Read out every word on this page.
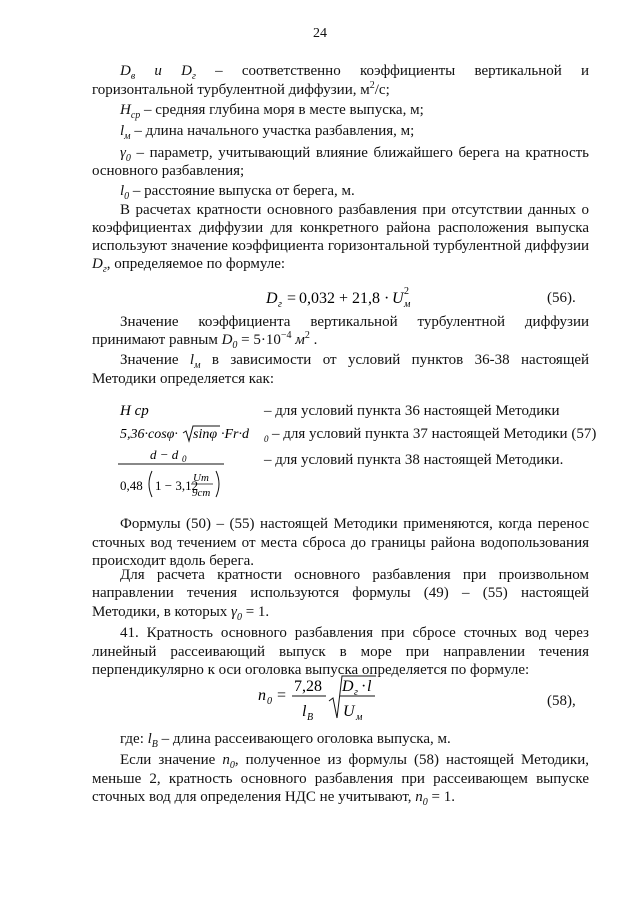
24
$D_в$ и $D_г$ – соответственно коэффициенты вертикальной и
горизонтальной турбулентной диффузии, $м^2/с$;
$H_{ср}$ – средняя глубина моря в месте выпуска, м;
$l_м$ – длина начального участка разбавления, м;
$\gamma_0$ – параметр, учитывающий влияние ближайшего берега на кратность
основного разбавления;
$l_0$ – расстояние выпуска от берега, м.
В расчетах кратности основного разбавления при отсутствии данных о
коэффициентах диффузии для конкретного района расположения выпуска
используют значение коэффициента горизонтальной турбулентной диффузии
$D_г$, определяемое по формуле:
D г = 0,032 + 21,8 · U 2
м
H cp
5,36·cosφ· sinφ ·Fr·d 0
d − d 0
0,48 1 − 3,12
Um
9cm
n 0 =
7,28
l B
D г · l
U м
(56).
Значение коэффициента вертикальной турбулентной диффузии
принимают равным $D_0 = 5\cdot 10^{-4}$ $м^2$ .
Значение $l_м$ в зависимости от условий пунктов 36-38 настоящей
Методики определяется как:
– для условий пункта 36 настоящей Методики
– для условий пункта 37 настоящей Методики (57)
– для условий пункта 38 настоящей Методики.
Формулы (50) – (55) настоящей Методики применяются, когда перенос
сточных вод течением от места сброса до границы района водопользования
происходит вдоль берега.
Для расчета кратности основного разбавления при произвольном
направлении течения используются формулы (49) – (55) настоящей
Методики, в которых $\gamma_0 = 1$.
41. Кратность основного разбавления при сбросе сточных вод через
линейный рассеивающий выпуск в море при направлении течения
перпендикулярно к оси оголовка выпуска определяется по формуле:
(58),
где: $l_B$ – длина рассеивающего оголовка выпуска, м.
Если значение $n_0$, полученное из формулы (58) настоящей Методики,
меньше 2, кратность основного разбавления при рассеивающем выпуске
сточных вод для определения НДС не учитывают, $n_0 = 1$.
